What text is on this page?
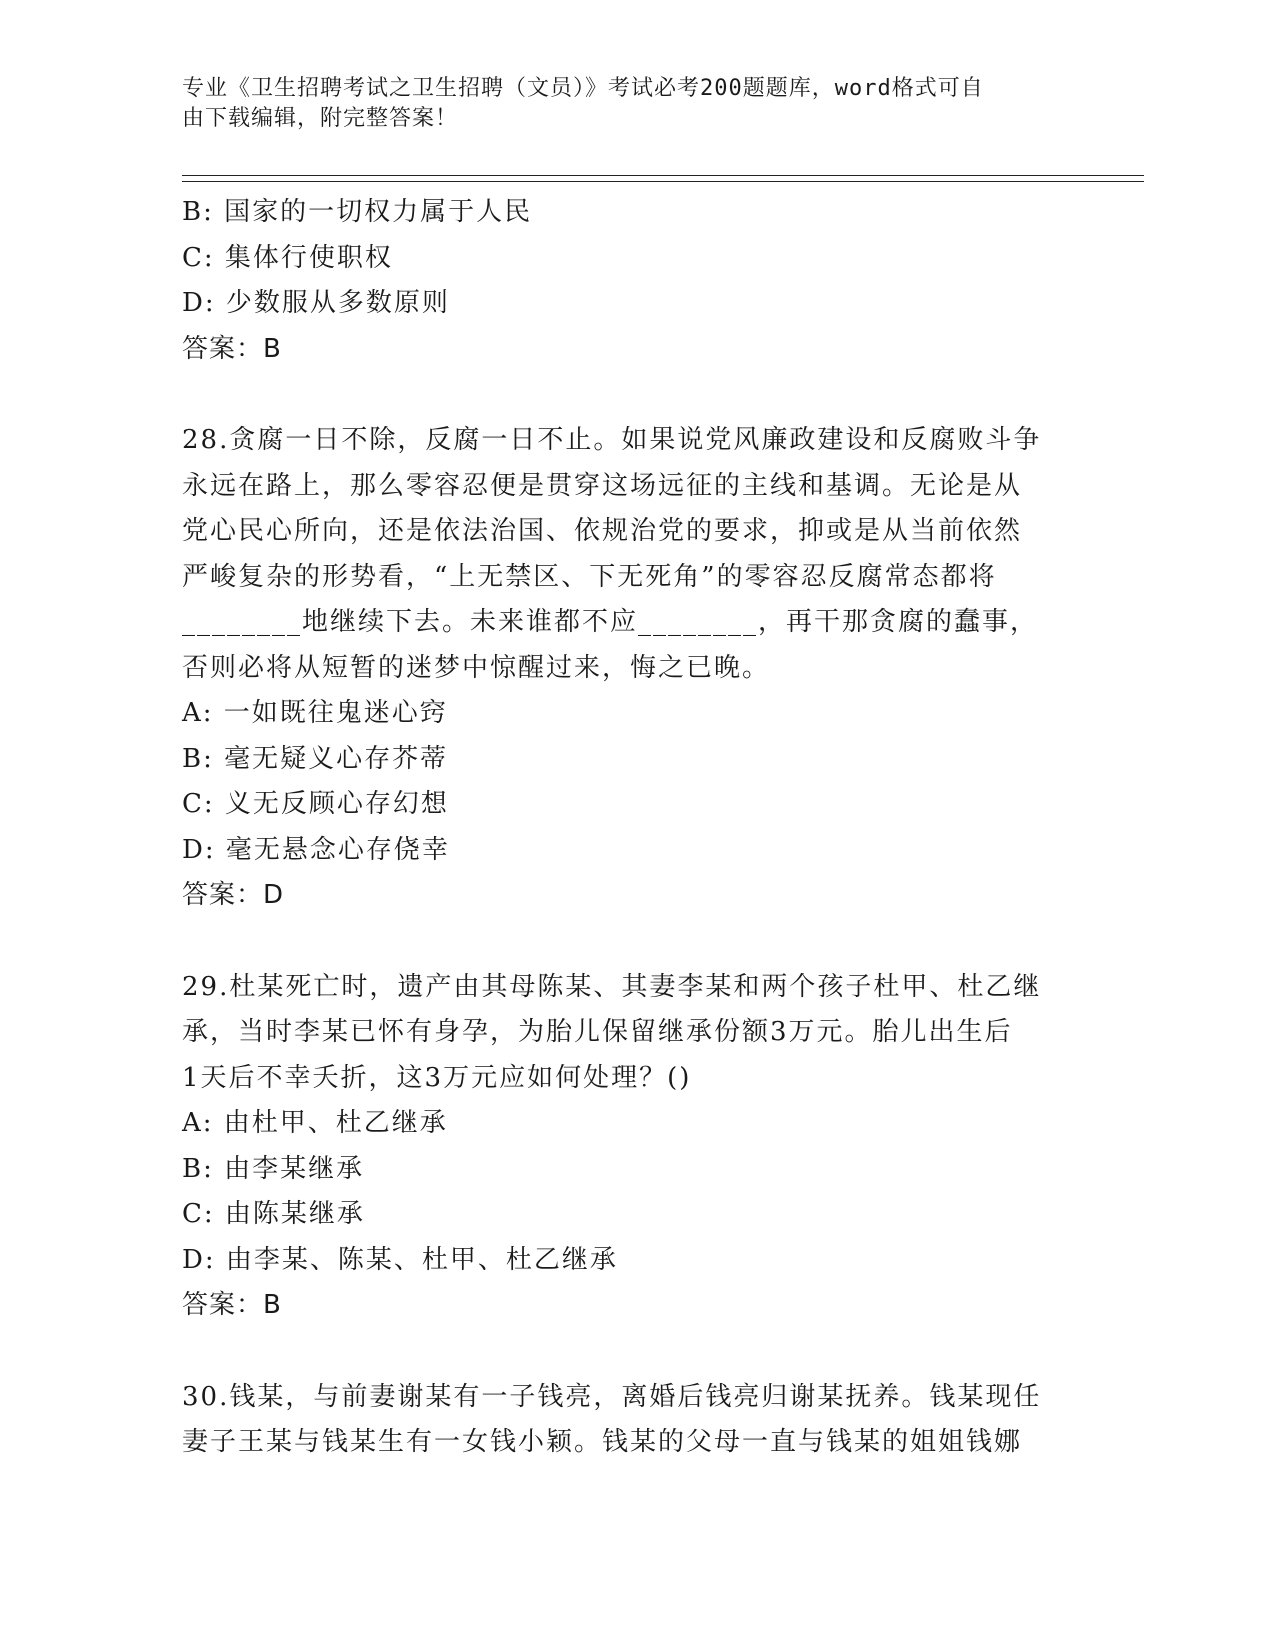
专业《卫生招聘考试之卫生招聘（文员）》考试必考200题题库，word格式可自
由下载编辑，附完整答案！
B: 国家的一切权力属于人民
C: 集体行使职权
D: 少数服从多数原则
答案：B
28.贪腐一日不除，反腐一日不止。如果说党风廉政建设和反腐败斗争
永远在路上，那么零容忍便是贯穿这场远征的主线和基调。无论是从
党心民心所向，还是依法治国、依规治党的要求，抑或是从当前依然
严峻复杂的形势看，“上无禁区、下无死角”的零容忍反腐常态都将
________地继续下去。未来谁都不应________，再干那贪腐的蠢事，
否则必将从短暂的迷梦中惊醒过来，悔之已晚。
A: 一如既往鬼迷心窍
B: 毫无疑义心存芥蒂
C: 义无反顾心存幻想
D: 毫无悬念心存侥幸
答案：D
29.杜某死亡时，遗产由其母陈某、其妻李某和两个孩子杜甲、杜乙继
承，当时李某已怀有身孕，为胎儿保留继承份额3万元。胎儿出生后
1天后不幸夭折，这3万元应如何处理？()
A: 由杜甲、杜乙继承
B: 由李某继承
C: 由陈某继承
D: 由李某、陈某、杜甲、杜乙继承
答案：B
30.钱某，与前妻谢某有一子钱亮，离婚后钱亮归谢某抚养。钱某现任
妻子王某与钱某生有一女钱小颖。钱某的父母一直与钱某的姐姐钱娜
